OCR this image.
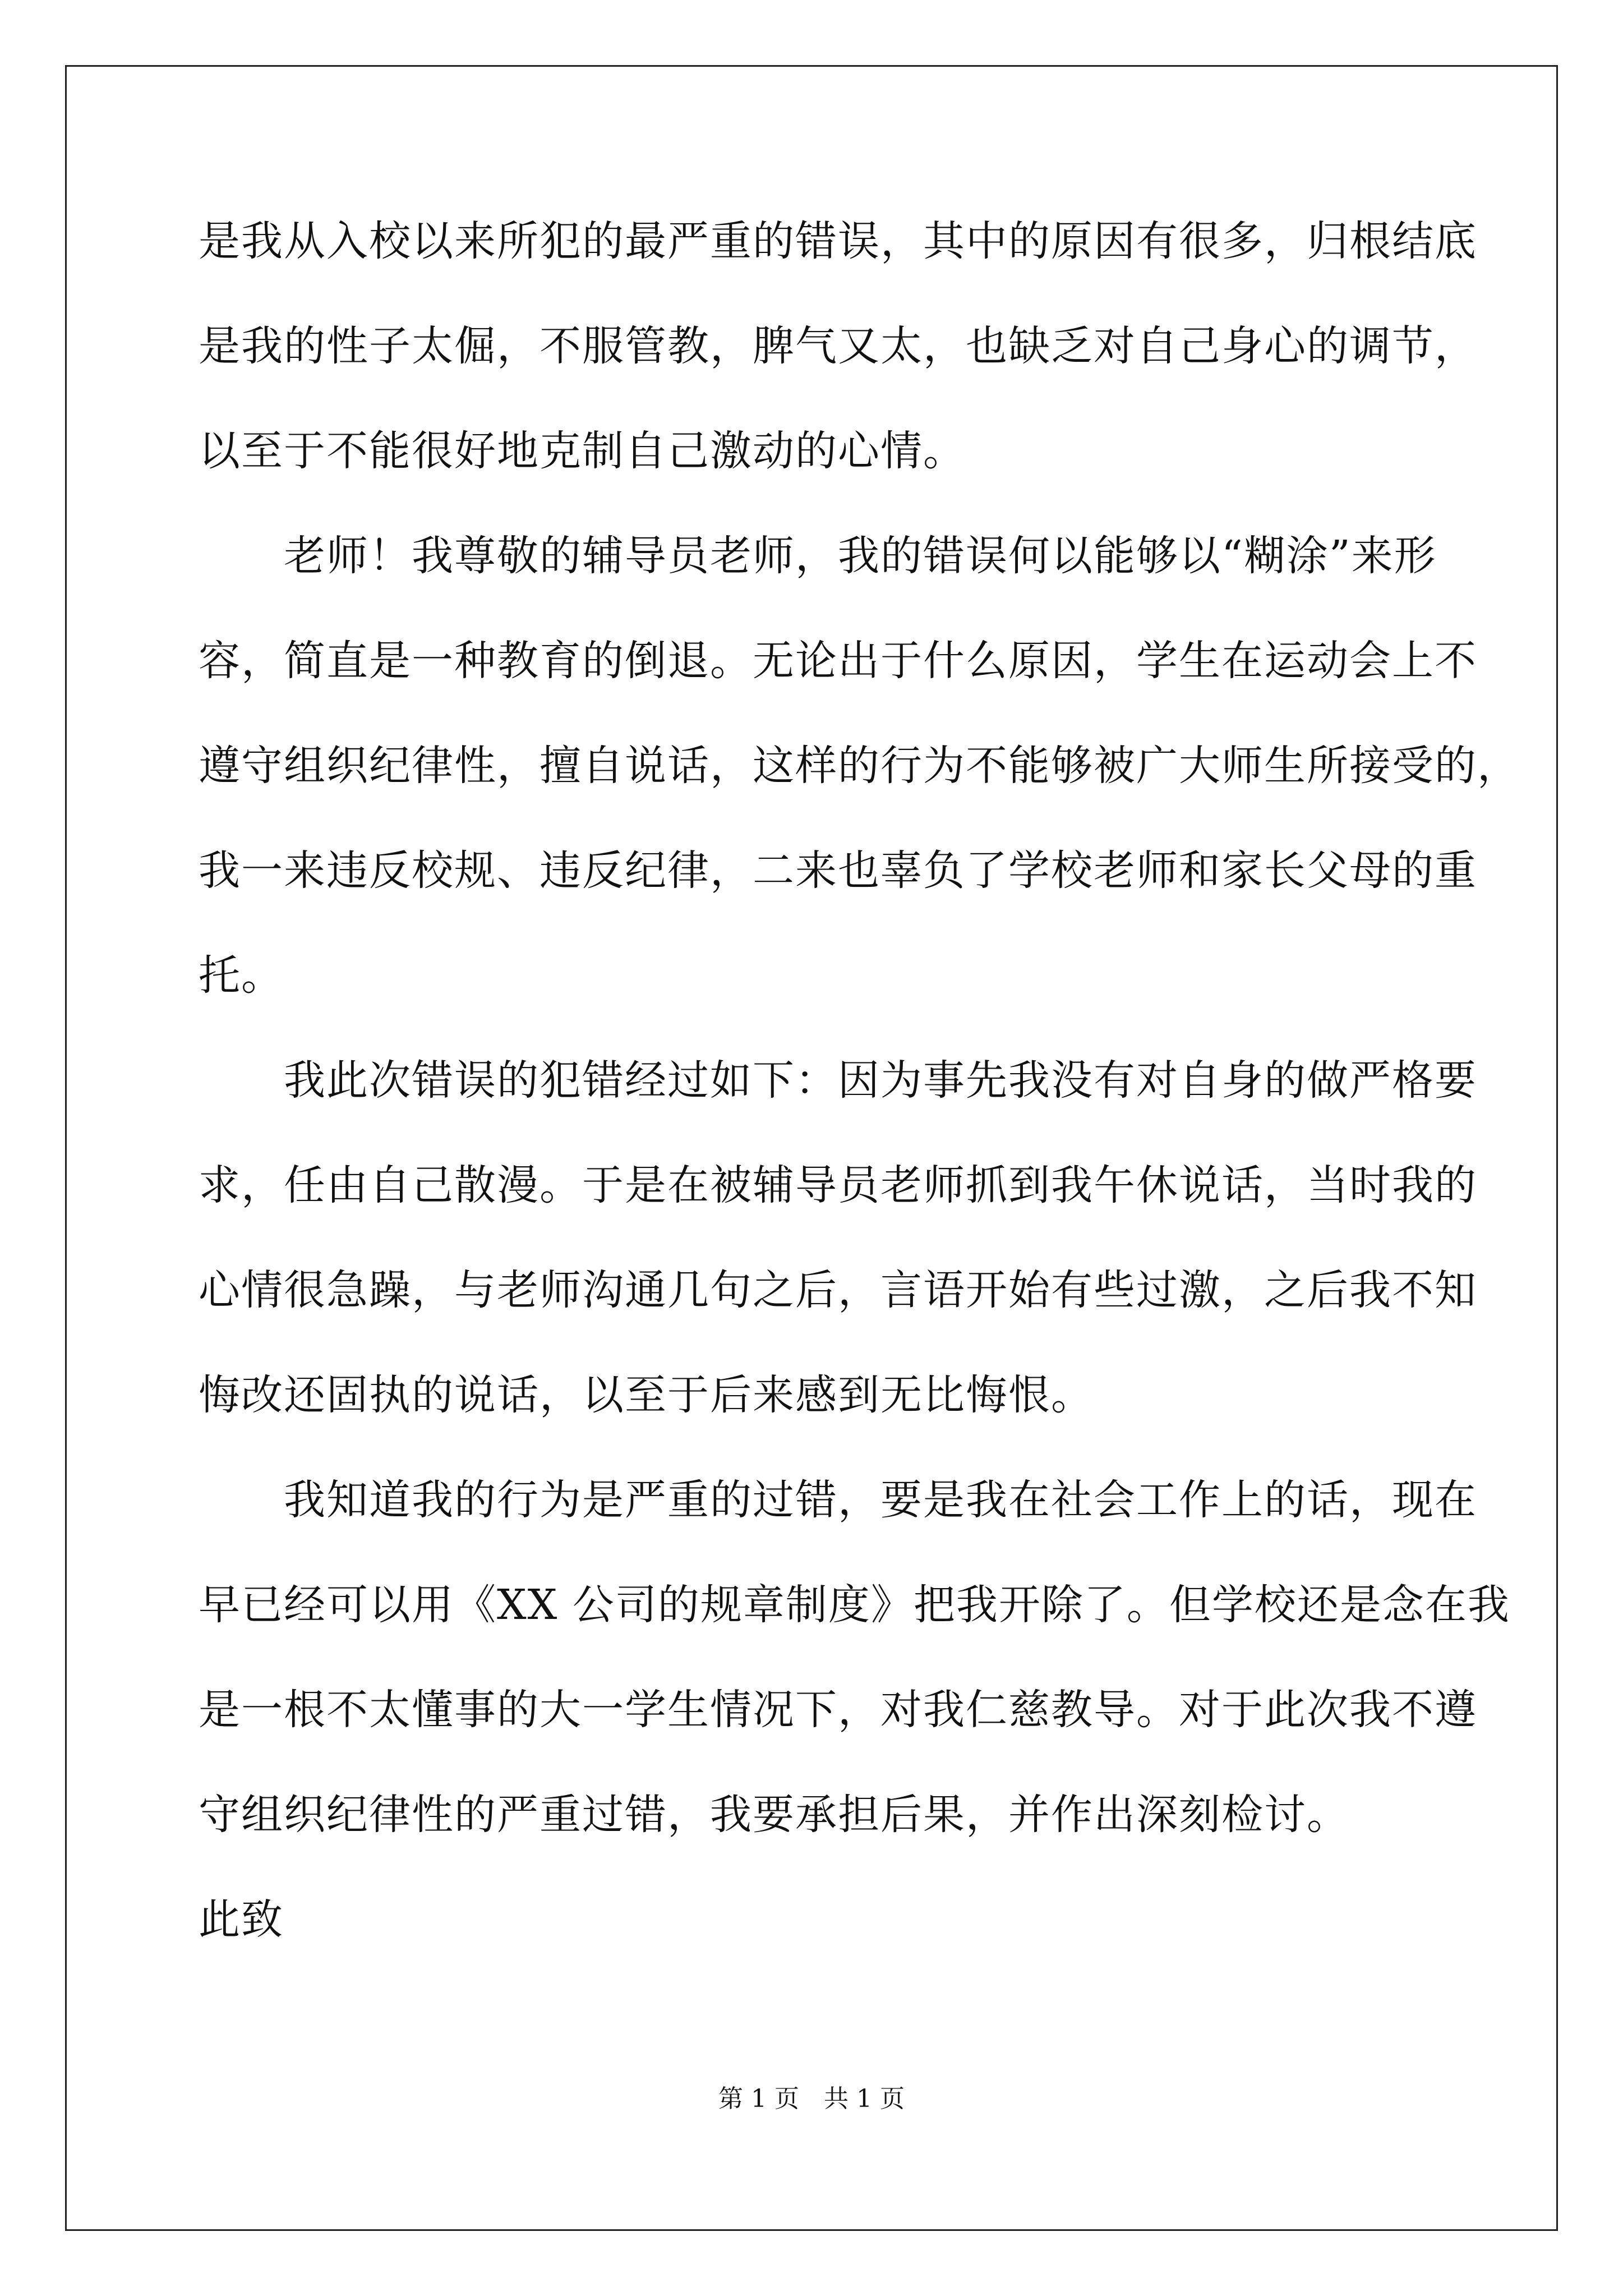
是我从入校以来所犯的最严重的错误，其中的原因有很多，归根结底
是我的性子太倔，不服管教，脾气又太，也缺乏对自己身心的调节，
以至于不能很好地克制自己激动的心情。
　　老师！我尊敬的辅导员老师，我的错误何以能够以“糊涂”来形
容，简直是一种教育的倒退。无论出于什么原因，学生在运动会上不
遵守组织纪律性，擅自说话，这样的行为不能够被广大师生所接受的，
我一来违反校规、违反纪律，二来也辜负了学校老师和家长父母的重
托。
　　我此次错误的犯错经过如下：因为事先我没有对自身的做严格要
求，任由自己散漫。于是在被辅导员老师抓到我午休说话，当时我的
心情很急躁，与老师沟通几句之后，言语开始有些过激，之后我不知
悔改还固执的说话，以至于后来感到无比悔恨。
　　我知道我的行为是严重的过错，要是我在社会工作上的话，现在
早已经可以用《XX 公司的规章制度》把我开除了。但学校还是念在我
是一根不太懂事的大一学生情况下，对我仁慈教导。对于此次我不遵
守组织纪律性的严重过错，我要承担后果，并作出深刻检讨。
此致
第 1 页　共 1 页
